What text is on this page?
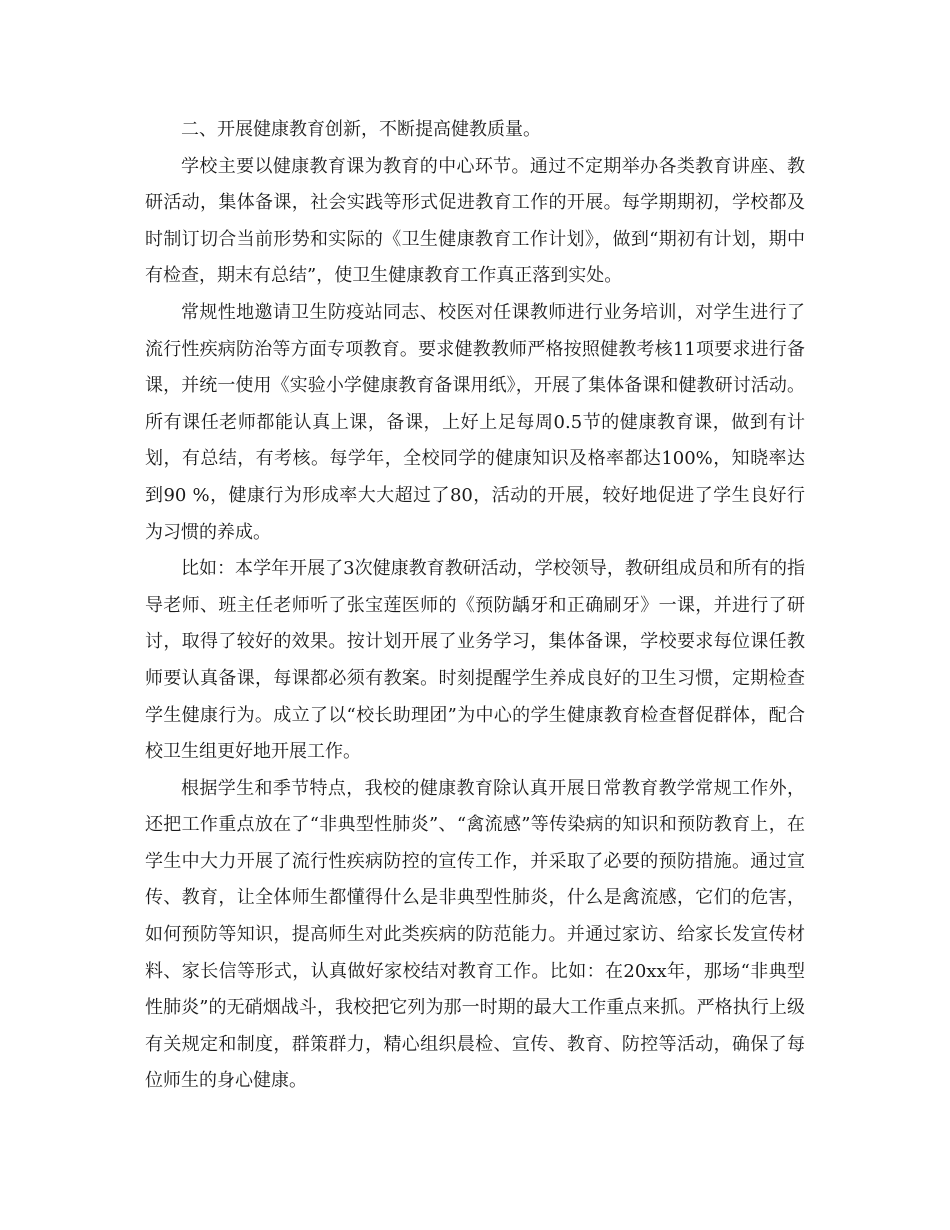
二、开展健康教育创新，不断提高健教质量。

学校主要以健康教育课为教育的中心环节。通过不定期举办各类教育讲座、教研活动，集体备课，社会实践等形式促进教育工作的开展。每学期期初，学校都及时制订切合当前形势和实际的《卫生健康教育工作计划》，做到“期初有计划，期中有检查，期末有总结”，使卫生健康教育工作真正落到实处。

常规性地邀请卫生防疫站同志、校医对任课教师进行业务培训，对学生进行了流行性疾病防治等方面专项教育。要求健教教师严格按照健教考核11项要求进行备课，并统一使用《实验小学健康教育备课用纸》，开展了集体备课和健教研讨活动。所有课任老师都能认真上课，备课，上好上足每周0.5节的健康教育课，做到有计划，有总结，有考核。每学年，全校同学的健康知识及格率都达100%，知晓率达到90 %，健康行为形成率大大超过了80，活动的开展，较好地促进了学生良好行为习惯的养成。

比如：本学年开展了3次健康教育教研活动，学校领导，教研组成员和所有的指导老师、班主任老师听了张宝莲医师的《预防龋牙和正确刷牙》一课，并进行了研讨，取得了较好的效果。按计划开展了业务学习，集体备课，学校要求每位课任教师要认真备课，每课都必须有教案。时刻提醒学生养成良好的卫生习惯，定期检查学生健康行为。成立了以“校长助理团”为中心的学生健康教育检查督促群体，配合校卫生组更好地开展工作。

根据学生和季节特点，我校的健康教育除认真开展日常教育教学常规工作外，还把工作重点放在了“非典型性肺炎”、“禽流感”等传染病的知识和预防教育上，在学生中大力开展了流行性疾病防控的宣传工作，并采取了必要的预防措施。通过宣传、教育，让全体师生都懂得什么是非典型性肺炎，什么是禽流感，它们的危害，如何预防等知识，提高师生对此类疾病的防范能力。并通过家访、给家长发宣传材料、家长信等形式，认真做好家校结对教育工作。比如：在20xx年，那场“非典型性肺炎”的无硝烟战斗，我校把它列为那一时期的最大工作重点来抓。严格执行上级有关规定和制度，群策群力，精心组织晨检、宣传、教育、防控等活动，确保了每位师生的身心健康。
